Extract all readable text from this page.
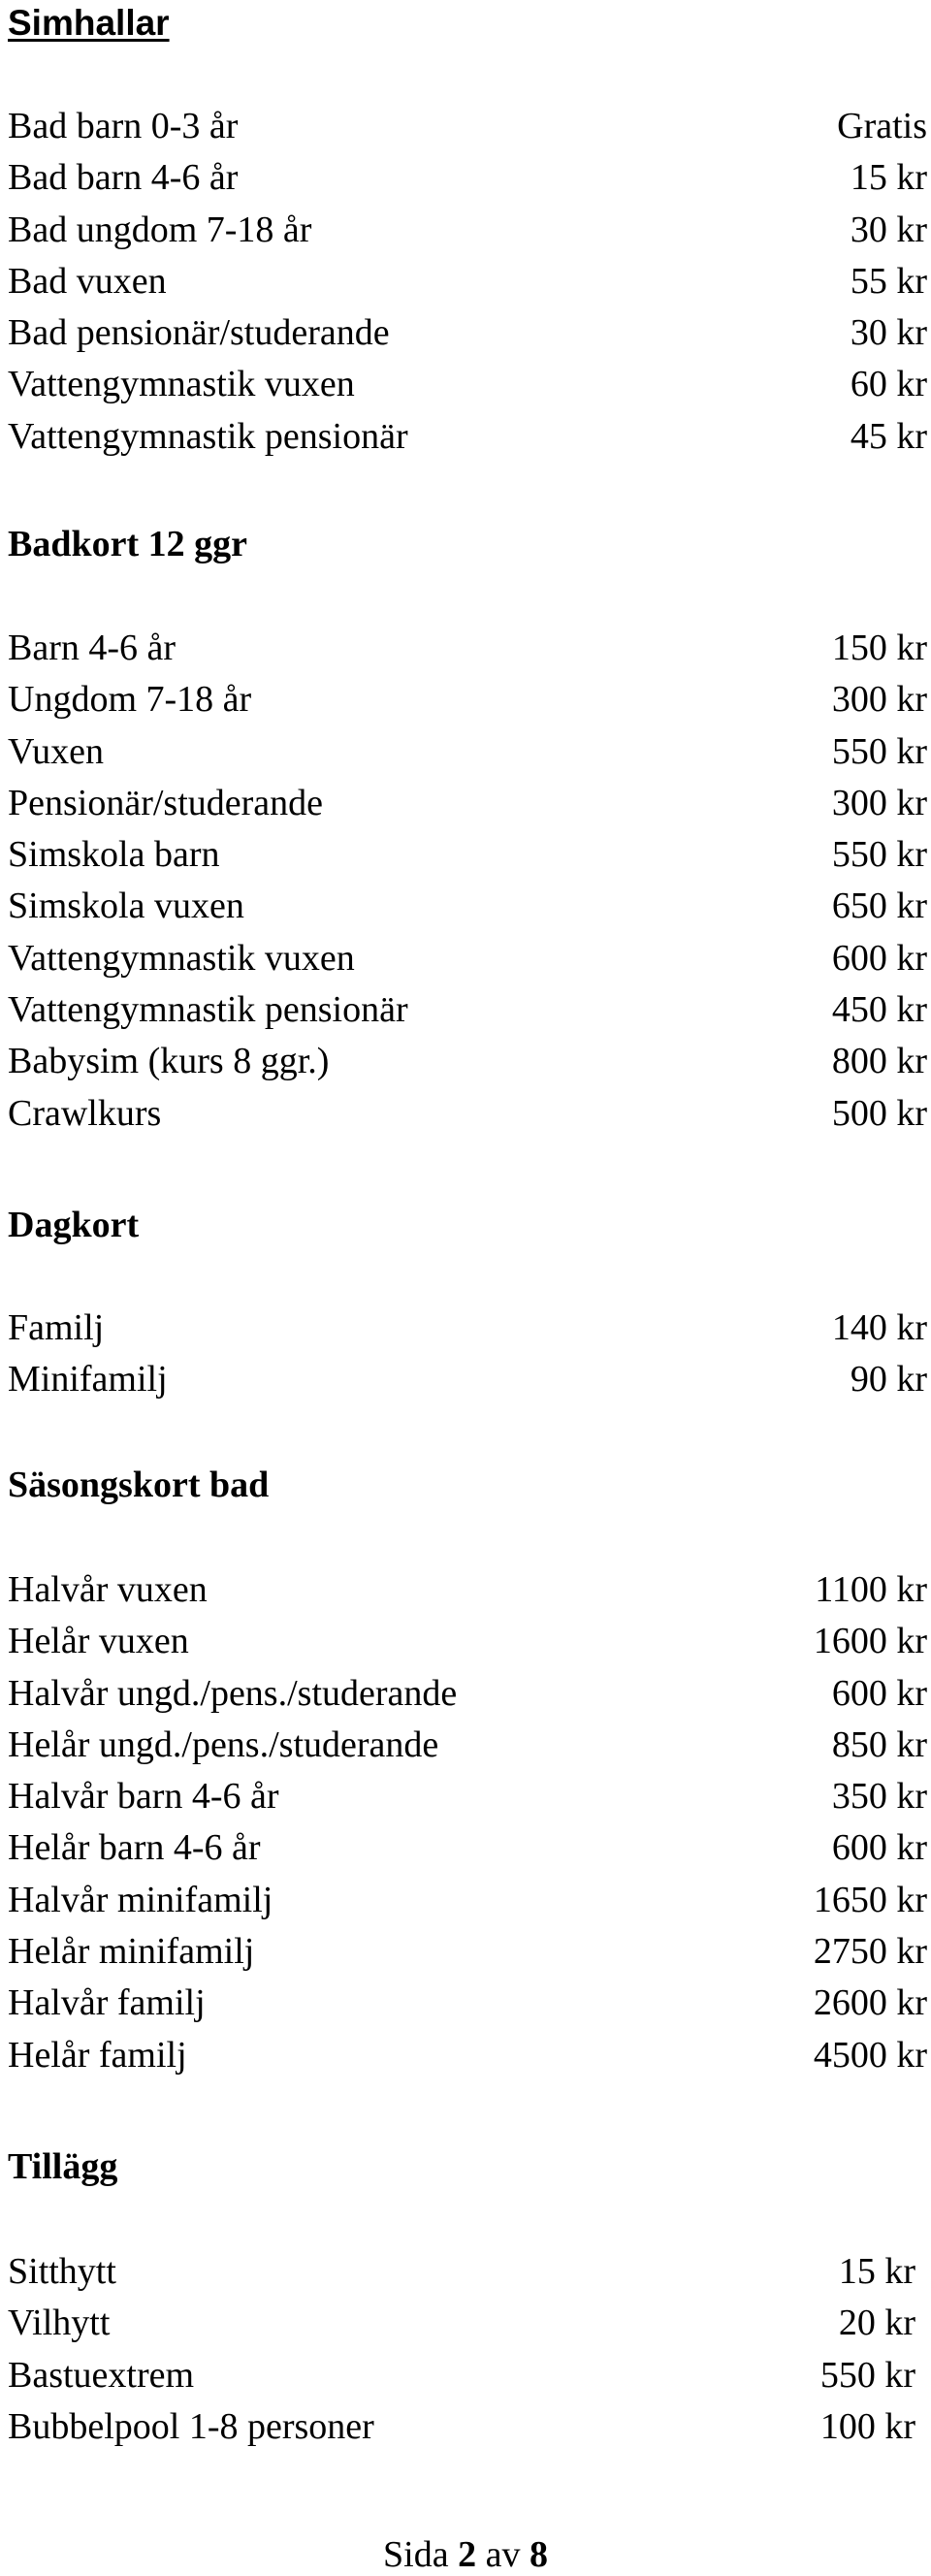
Simhallar
Bad barn 0-3 år	Gratis
Bad barn 4-6 år	15 kr
Bad ungdom 7-18 år	30 kr
Bad vuxen	55 kr
Bad pensionär/studerande	30 kr
Vattengymnastik vuxen	60 kr
Vattengymnastik pensionär	45 kr
Badkort 12 ggr
Barn 4-6 år	150 kr
Ungdom 7-18 år	300 kr
Vuxen	550 kr
Pensionär/studerande	300 kr
Simskola barn	550 kr
Simskola vuxen	650 kr
Vattengymnastik vuxen	600 kr
Vattengymnastik pensionär	450 kr
Babysim (kurs 8 ggr.)	800 kr
Crawlkurs	500 kr
Dagkort
Familj	140 kr
Minifamilj	90 kr
Säsongskort bad
Halvår vuxen	1100 kr
Helår vuxen	1600 kr
Halvår ungd./pens./studerande	600 kr
Helår ungd./pens./studerande	850 kr
Halvår barn 4-6 år	350 kr
Helår barn 4-6 år	600 kr
Halvår minifamilj	1650 kr
Helår minifamilj	2750 kr
Halvår familj	2600 kr
Helår familj	4500 kr
Tillägg
Sitthytt	15 kr
Vilhytt	20 kr
Bastuextrem	550 kr
Bubbelpool 1-8 personer	100 kr
Sida 2 av 8
